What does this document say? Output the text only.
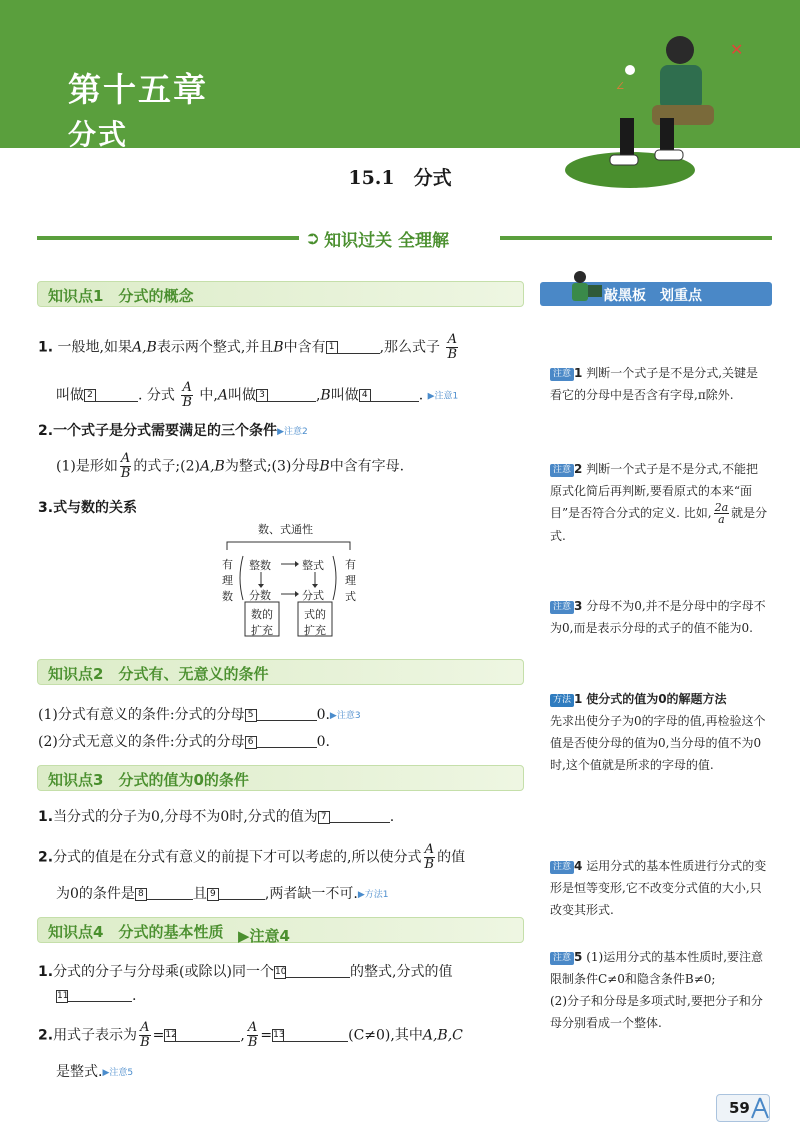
第十五章
分式
✕
∠
15.1　分式
➲ 知识过关 全理解
知识点1　分式的概念
1. 一般地,如果A,B表示两个整式,并且B中含有 1	,那么式子 $\frac{A}{B}$
叫做 2	. 分式 $\frac{A}{B}$ 中,A叫做 3	,B叫做 4	. ▶注意1
2.一个式子是分式需要满足的三个条件▶注意2
(1)是形如 $\frac{A}{B}$ 的式子;(2)A,B为整式;(3)分母B中含有字母.
3.式与数的关系
数、式通性
有
理
数
有
理
式
整数	整式
分数	分式
数的
扩充
式的
扩充
知识点2　分式有、无意义的条件
(1)分式有意义的条件:分式的分母 5	0.▶注意3
(2)分式无意义的条件:分式的分母 6	0.
知识点3　分式的值为0的条件
1.当分式的分子为0,分母不为0时,分式的值为 7	.
2.分式的值是在分式有意义的前提下才可以考虑的,所以使分式 $\frac{A}{B}$ 的值
为0的条件是 8	且 9	,两者缺一不可.▶方法1
知识点4　分式的基本性质 ▶注意4
1.分式的分子与分母乘(或除以)同一个10	的整式,分式的值
11	.
2.用式子表示为 $\frac{A}{B} =12$	, $\frac{A}{B} =13$	(C≠0),其中A,B,C
是整式.▶注意5
敲黑板　划重点
注意 1 判断一个式子是不是分式,关键是看它的分母中是否含有字母,π除外.
注意 2 判断一个式子是不是分式,不能把原式化简后再判断,要看原式的本来“面目”是否符合分式的定义. 比如, $\frac{2a}{a}$ 就是分式.
注意 3 分母不为0,并不是分母中的字母不为0,而是表示分母的式子的值不能为0.
方法 1 使分式的值为0的解题方法
先求出使分子为0的字母的值,再检验这个值是否使分母的值为0,当分母的值不为0时,这个值就是所求的字母的值.
注意 4 运用分式的基本性质进行分式的变形是恒等变形,它不改变分式值的大小,只改变其形式.
注意 5 (1)运用分式的基本性质时,要注意限制条件C≠0和隐含条件B≠0;
(2)分子和分母是多项式时,要把分子和分母分别看成一个整体.
59
